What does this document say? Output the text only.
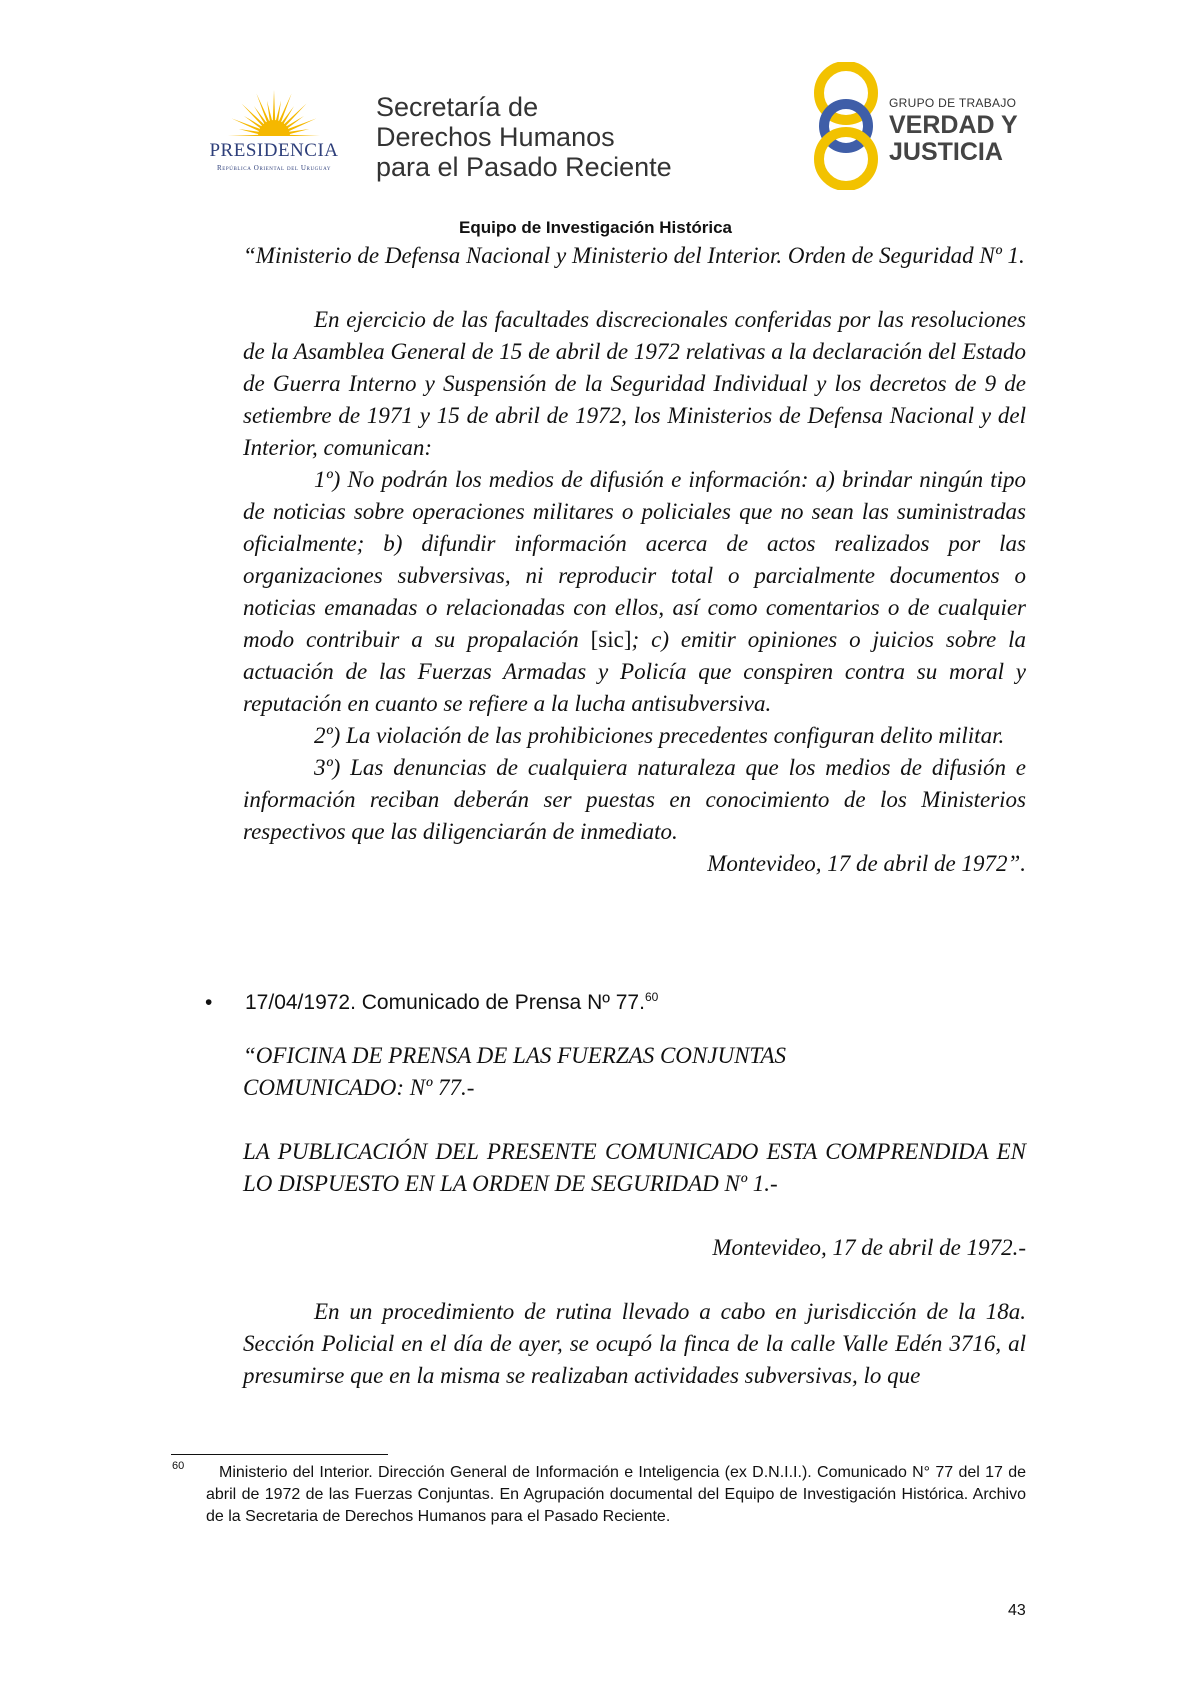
PRESIDENCIA
República Oriental del Uruguay
Secretaría de
Derechos Humanos
para el Pasado Reciente
GRUPO DE TRABAJO
VERDAD Y
JUSTICIA
Equipo de Investigación Histórica
“Ministerio de Defensa Nacional y Ministerio del Interior. Orden de Seguridad Nº 1.
En ejercicio de las facultades discrecionales conferidas por las resoluciones de la Asamblea General de 15 de abril de 1972 relativas a la declaración del Estado de Guerra Interno y Suspensión de la Seguridad Individual y los decretos de 9 de setiembre de 1971 y 15 de abril de 1972, los Ministerios de Defensa Nacional y del Interior, comunican:
1º) No podrán los medios de difusión e información: a) brindar ningún tipo de noticias sobre operaciones militares o policiales que no sean las suministradas oficialmente; b) difundir información acerca de actos realizados por las organizaciones subversivas, ni reproducir total o parcialmente documentos o noticias emanadas o relacionadas con ellos, así como comentarios o de cualquier modo contribuir a su propalación [sic]; c) emitir opiniones o juicios sobre la actuación de las Fuerzas Armadas y Policía que conspiren contra su moral y reputación en cuanto se refiere a la lucha antisubversiva.
2º) La violación de las prohibiciones precedentes configuran delito militar.
3º) Las denuncias de cualquiera naturaleza que los medios de difusión e información reciban deberán ser puestas en conocimiento de los Ministerios respectivos que las diligenciarán de inmediato.
Montevideo, 17 de abril de 1972”.
• 17/04/1972. Comunicado de Prensa Nº 77.60
“OFICINA DE PRENSA DE LAS FUERZAS CONJUNTAS
COMUNICADO: Nº 77.-
LA PUBLICACIÓN DEL PRESENTE COMUNICADO ESTA COMPRENDIDA EN LO DISPUESTO EN LA ORDEN DE SEGURIDAD Nº 1.-
Montevideo, 17 de abril de 1972.-
En un procedimiento de rutina llevado a cabo en jurisdicción de la 18a. Sección Policial en el día de ayer, se ocupó la finca de la calle Valle Edén 3716, al presumirse que en la misma se realizaban actividades subversivas, lo que
60	Ministerio del Interior. Dirección General de Información e Inteligencia (ex D.N.I.I.). Comunicado N° 77 del 17 de abril de 1972 de las Fuerzas Conjuntas. En Agrupación documental del Equipo de Investigación Histórica. Archivo de la Secretaria de Derechos Humanos para el Pasado Reciente.
43
